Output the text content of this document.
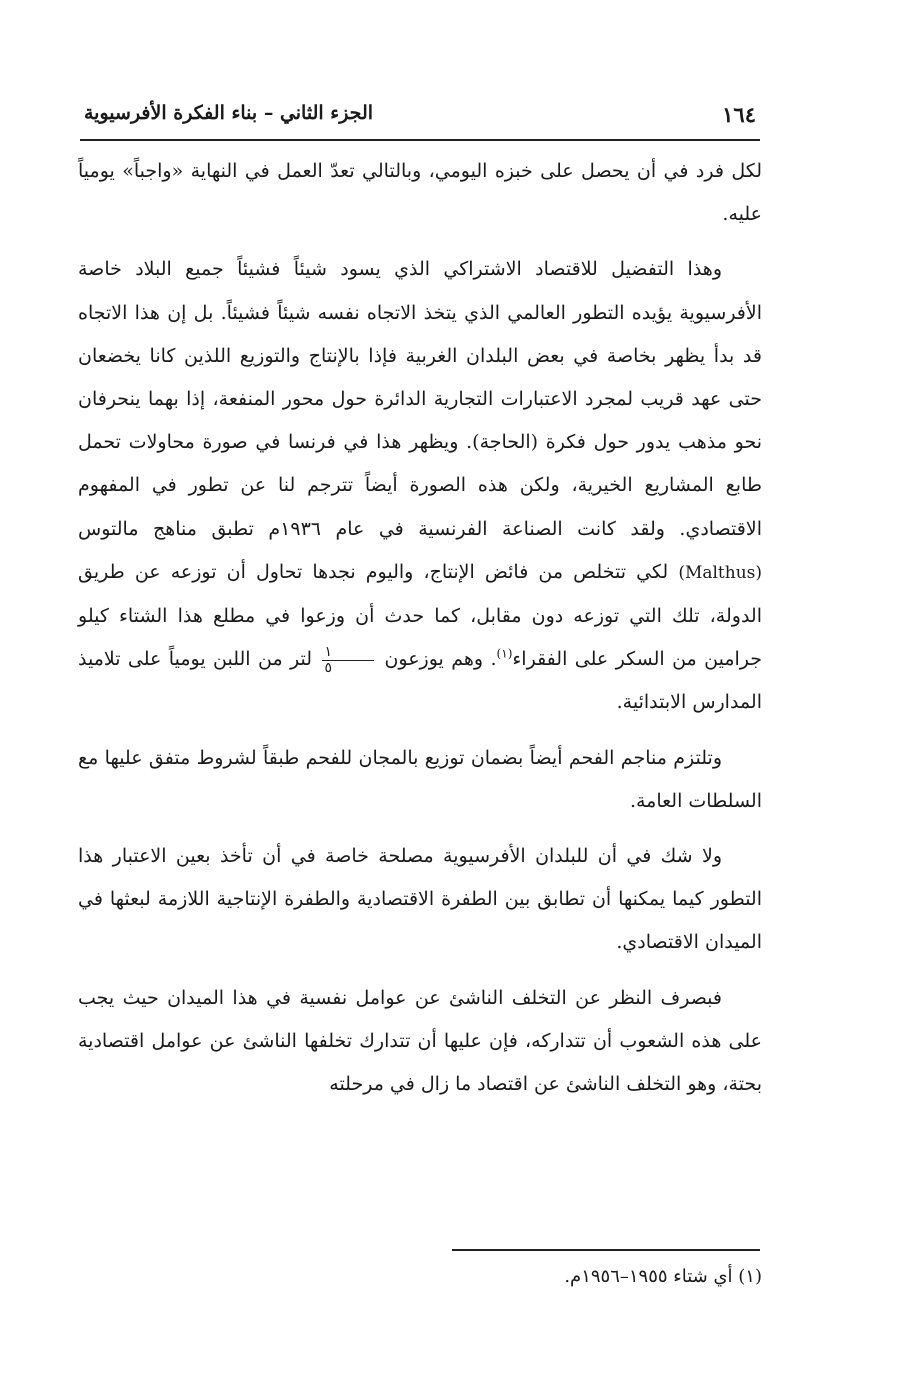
١٦٤
الجزء الثاني – بناء الفكرة الأفرسيوية

لكل فرد في أن يحصل على خبزه اليومي، وبالتالي تعدّ العمل في النهاية «واجباً» يومياً عليه.

وهذا التفضيل للاقتصاد الاشتراكي الذي يسود شيئاً فشيئاً جميع البلاد خاصة الأفرسيوية يؤيده التطور العالمي الذي يتخذ الاتجاه نفسه شيئاً فشيئاً. بل إن هذا الاتجاه قد بدأ يظهر بخاصة في بعض البلدان الغربية فإذا بالإنتاج والتوزيع اللذين كانا يخضعان حتى عهد قريب لمجرد الاعتبارات التجارية الدائرة حول محور المنفعة، إذا بهما ينحرفان نحو مذهب يدور حول فكرة (الحاجة). ويظهر هذا في فرنسا في صورة محاولات تحمل طابع المشاريع الخيرية، ولكن هذه الصورة أيضاً تترجم لنا عن تطور في المفهوم الاقتصادي. ولقد كانت الصناعة الفرنسية في عام ١٩٣٦م تطبق مناهج مالتوس (Malthus) لكي تتخلص من فائض الإنتاج، واليوم نجدها تحاول أن توزعه عن طريق الدولة، تلك التي توزعه دون مقابل، كما حدث أن وزعوا في مطلع هذا الشتاء كيلو جرامين من السكر على الفقراء$^{(١)}$. وهم يوزعون
$\frac{١}{٥}$
لتر من اللبن يومياً على تلاميذ المدارس الابتدائية.

وتلتزم مناجم الفحم أيضاً بضمان توزيع بالمجان للفحم طبقاً لشروط متفق عليها مع السلطات العامة.

ولا شك في أن للبلدان الأفرسيوية مصلحة خاصة في أن تأخذ بعين الاعتبار هذا التطور كيما يمكنها أن تطابق بين الطفرة الاقتصادية والطفرة الإنتاجية اللازمة لبعثها في الميدان الاقتصادي.

فبصرف النظر عن التخلف الناشئ عن عوامل نفسية في هذا الميدان حيث يجب على هذه الشعوب أن تتداركه، فإن عليها أن تتدارك تخلفها الناشئ عن عوامل اقتصادية بحتة، وهو التخلف الناشئ عن اقتصاد ما زال في مرحلته

(١) أي شتاء ١٩٥٥–١٩٥٦م.
